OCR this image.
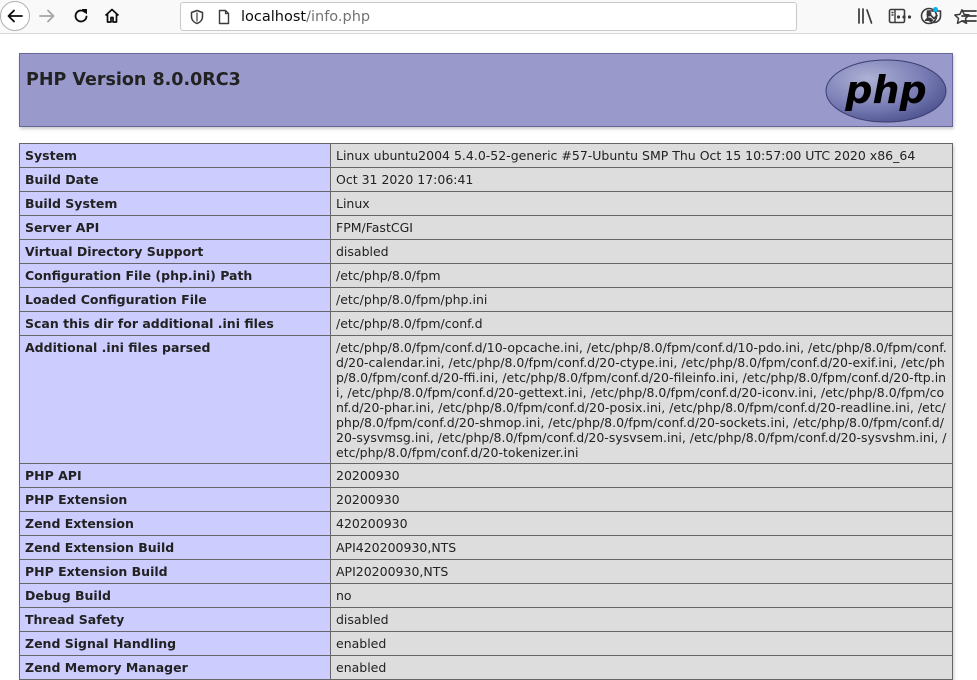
localhost/info.php
PHP Version 8.0.0RC3	php
System	Linux ubuntu2004 5.4.0-52-generic #57-Ubuntu SMP Thu Oct 15 10:57:00 UTC 2020 x86_64
Build Date	Oct 31 2020 17:06:41
Build System	Linux
Server API	FPM/FastCGI
Virtual Directory Support	disabled
Configuration File (php.ini) Path	/etc/php/8.0/fpm
Loaded Configuration File	/etc/php/8.0/fpm/php.ini
Scan this dir for additional .ini files	/etc/php/8.0/fpm/conf.d
Additional .ini files parsed	/etc/php/8.0/fpm/conf.d/10-opcache.ini, /etc/php/8.0/fpm/conf.d/10-pdo.ini, /etc/php/8.0/fpm/conf.d/20-calendar.ini, /etc/php/8.0/fpm/conf.d/20-ctype.ini, /etc/php/8.0/fpm/conf.d/20-exif.ini, /etc/php/8.0/fpm/conf.d/20-ffi.ini, /etc/php/8.0/fpm/conf.d/20-fileinfo.ini, /etc/php/8.0/fpm/conf.d/20-ftp.ini, /etc/php/8.0/fpm/conf.d/20-gettext.ini, /etc/php/8.0/fpm/conf.d/20-iconv.ini, /etc/php/8.0/fpm/conf.d/20-phar.ini, /etc/php/8.0/fpm/conf.d/20-posix.ini, /etc/php/8.0/fpm/conf.d/20-readline.ini, /etc/php/8.0/fpm/conf.d/20-shmop.ini, /etc/php/8.0/fpm/conf.d/20-sockets.ini, /etc/php/8.0/fpm/conf.d/20-sysvmsg.ini, /etc/php/8.0/fpm/conf.d/20-sysvsem.ini, /etc/php/8.0/fpm/conf.d/20-sysvshm.ini, /etc/php/8.0/fpm/conf.d/20-tokenizer.ini
PHP API	20200930
PHP Extension	20200930
Zend Extension	420200930
Zend Extension Build	API420200930,NTS
PHP Extension Build	API20200930,NTS
Debug Build	no
Thread Safety	disabled
Zend Signal Handling	enabled
Zend Memory Manager	enabled
